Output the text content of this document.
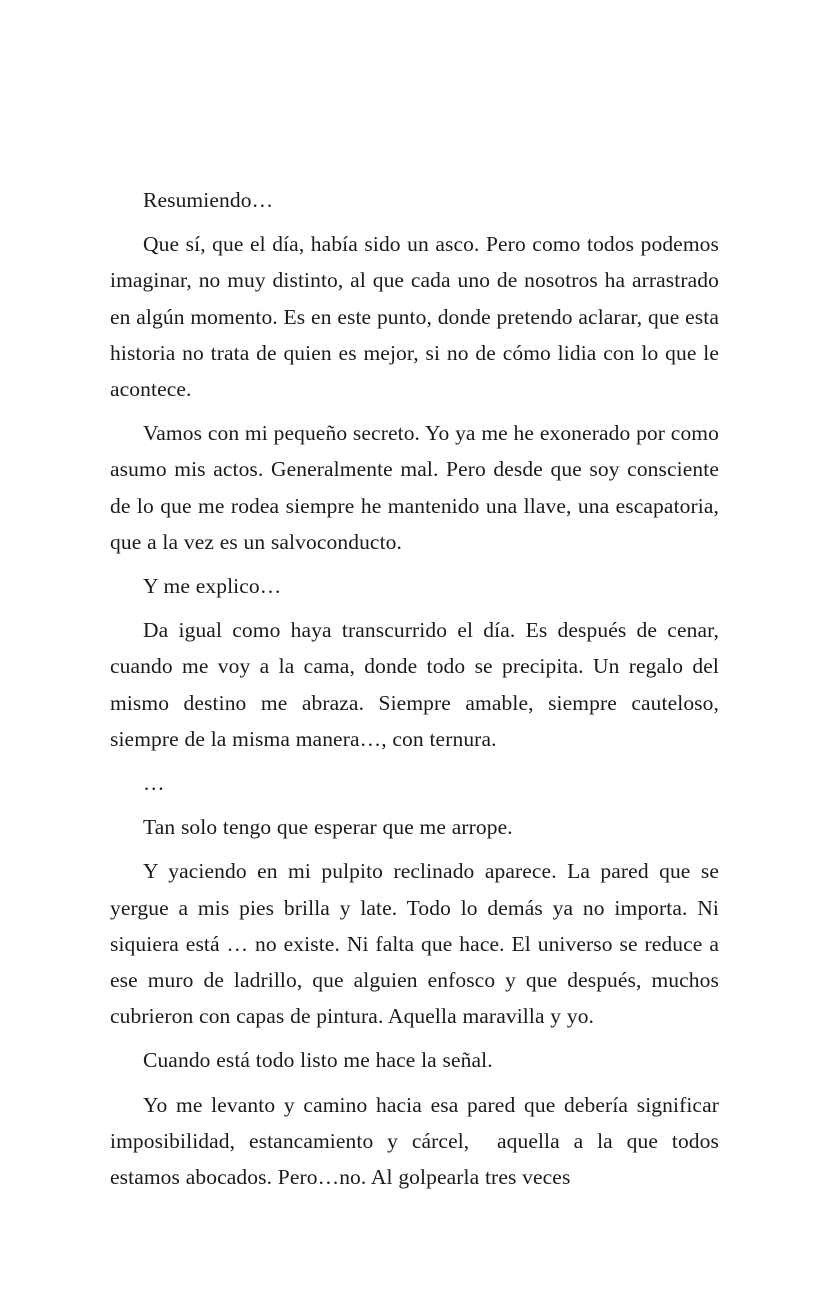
Resumiendo…

Que sí, que el día, había sido un asco. Pero como todos podemos imaginar, no muy distinto, al que cada uno de nosotros ha arrastrado en algún momento. Es en este punto, donde pretendo aclarar, que esta historia no trata de quien es mejor, si no de cómo lidia con lo que le acontece.

Vamos con mi pequeño secreto. Yo ya me he exonerado por como asumo mis actos. Generalmente mal. Pero desde que soy consciente de lo que me rodea siempre he mantenido una llave, una escapatoria, que a la vez es un salvoconducto.

Y me explico…

Da igual como haya transcurrido el día. Es después de cenar, cuando me voy a la cama, donde todo se precipita. Un regalo del mismo destino me abraza. Siempre amable, siempre cauteloso, siempre de la misma manera…, con ternura.

…

Tan solo tengo que esperar que me arrope.

Y yaciendo en mi pulpito reclinado aparece. La pared que se yergue a mis pies brilla y late. Todo lo demás ya no importa. Ni siquiera está … no existe. Ni falta que hace. El universo se reduce a ese muro de ladrillo, que alguien enfosco y que después, muchos cubrieron con capas de pintura. Aquella maravilla y yo.

Cuando está todo listo me hace la señal.

Yo me levanto y camino hacia esa pared que debería significar imposibilidad, estancamiento y cárcel,  aquella a la que todos estamos abocados. Pero…no. Al golpearla tres veces
